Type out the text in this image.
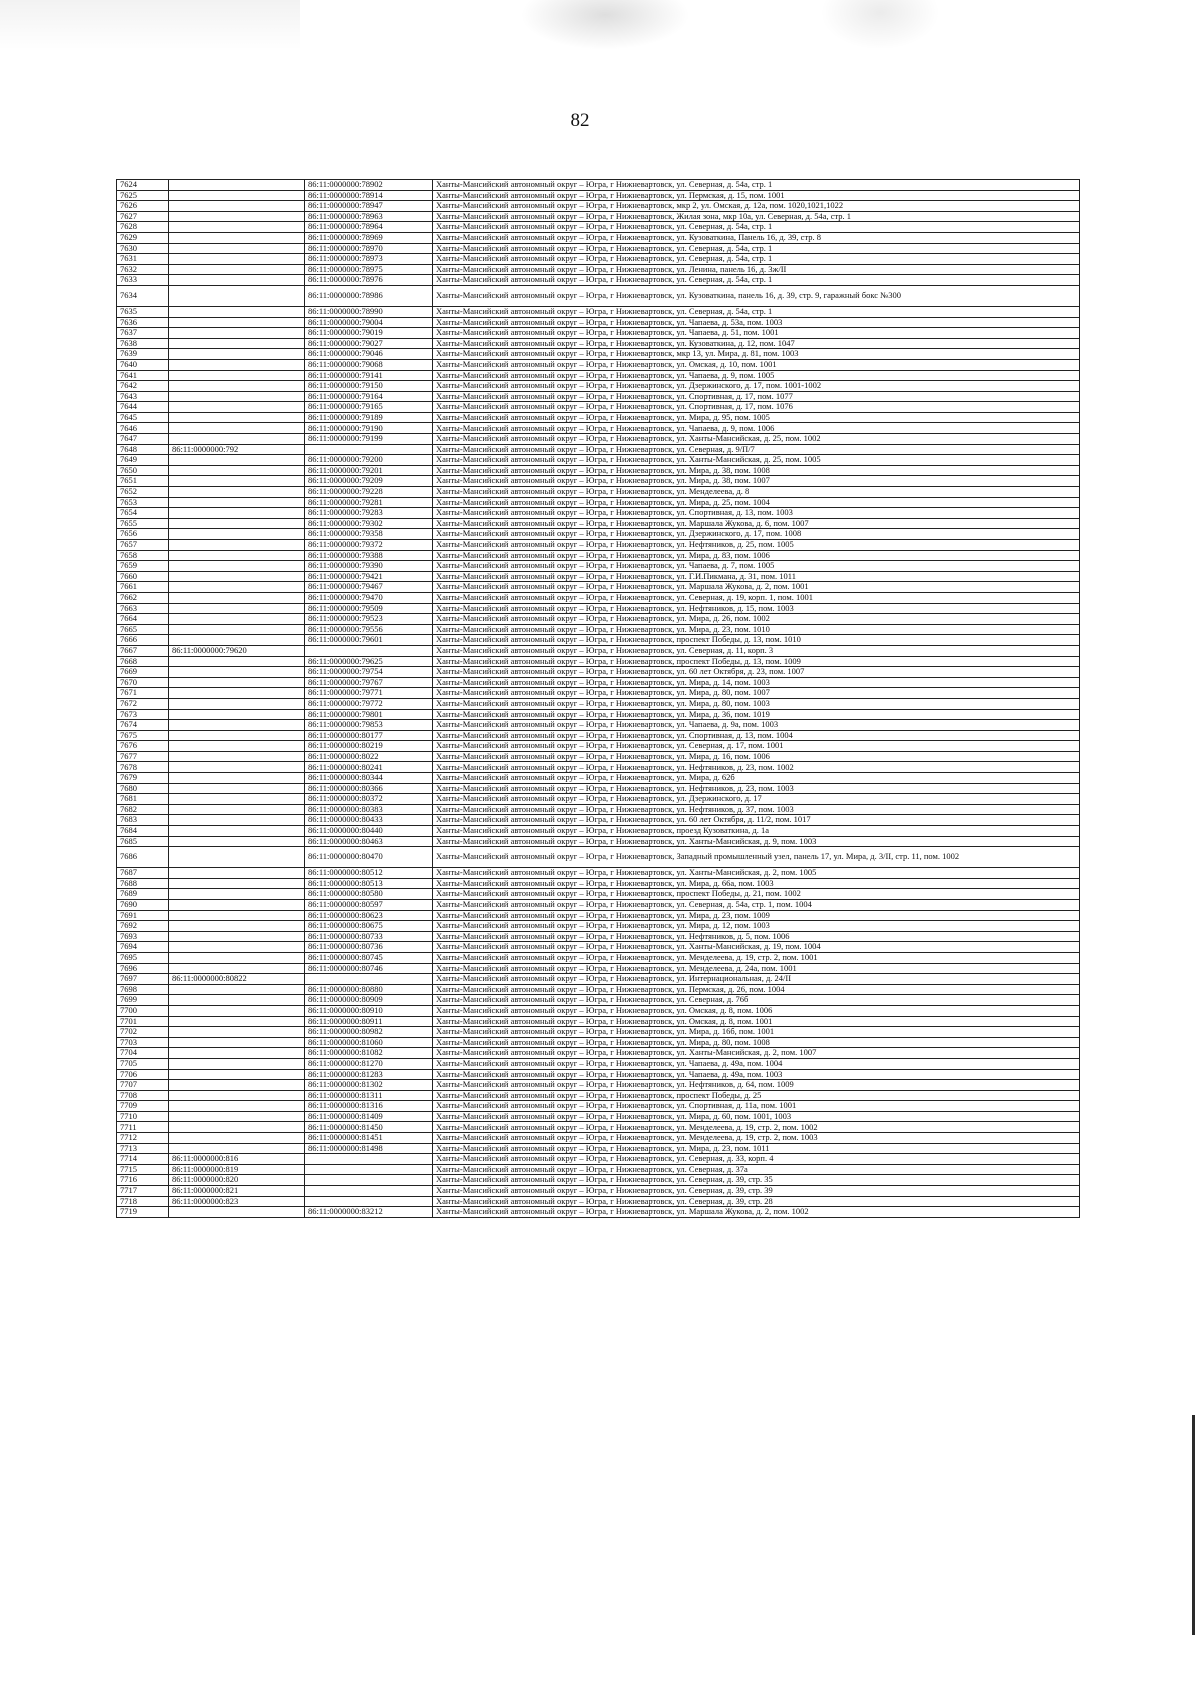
82
7624		86:11:0000000:78902	Ханты-Мансийский автономный округ – Югра, г Нижневартовск, ул. Северная, д. 54а, стр. 1
7625		86:11:0000000:78914	Ханты-Мансийский автономный округ – Югра, г Нижневартовск, ул. Пермская, д. 15, пом. 1001
7626		86:11:0000000:78947	Ханты-Мансийский автономный округ – Югра, г Нижневартовск, мкр 2, ул. Омская, д. 12а, пом. 1020,1021,1022
7627		86:11:0000000:78963	Ханты-Мансийский автономный округ – Югра, г Нижневартовск, Жилая зона, мкр 10а, ул. Северная, д. 54а, стр. 1
7628		86:11:0000000:78964	Ханты-Мансийский автономный округ – Югра, г Нижневартовск, ул. Северная, д. 54а, стр. 1
7629		86:11:0000000:78969	Ханты-Мансийский автономный округ – Югра, г Нижневартовск, ул. Кузоваткина, Панель 16, д. 39, стр. 8
7630		86:11:0000000:78970	Ханты-Мансийский автономный округ – Югра, г Нижневартовск, ул. Северная, д. 54а, стр. 1
7631		86:11:0000000:78973	Ханты-Мансийский автономный округ – Югра, г Нижневартовск, ул. Северная, д. 54а, стр. 1
7632		86:11:0000000:78975	Ханты-Мансийский автономный округ – Югра, г Нижневартовск, ул. Ленина, панель 16, д. 3ж/II
7633		86:11:0000000:78976	Ханты-Мансийский автономный округ – Югра, г Нижневартовск, ул. Северная, д. 54а, стр. 1
7634		86:11:0000000:78986	Ханты-Мансийский автономный округ – Югра, г Нижневартовск, ул. Кузоваткина, панель 16, д. 39, стр. 9, гаражный бокс №300
7635		86:11:0000000:78990	Ханты-Мансийский автономный округ – Югра, г Нижневартовск, ул. Северная, д. 54а, стр. 1
7636		86:11:0000000:79004	Ханты-Мансийский автономный округ – Югра, г Нижневартовск, ул. Чапаева, д. 53а, пом. 1003
7637		86:11:0000000:79019	Ханты-Мансийский автономный округ – Югра, г Нижневартовск, ул. Чапаева, д. 51, пом. 1001
7638		86:11:0000000:79027	Ханты-Мансийский автономный округ – Югра, г Нижневартовск, ул. Кузоваткина, д. 12, пом. 1047
7639		86:11:0000000:79046	Ханты-Мансийский автономный округ – Югра, г Нижневартовск, мкр 13, ул. Мира, д. 81, пом. 1003
7640		86:11:0000000:79068	Ханты-Мансийский автономный округ – Югра, г Нижневартовск, ул. Омская, д. 10, пом. 1001
7641		86:11:0000000:79141	Ханты-Мансийский автономный округ – Югра, г Нижневартовск, ул. Чапаева, д. 9, пом. 1005
7642		86:11:0000000:79150	Ханты-Мансийский автономный округ – Югра, г Нижневартовск, ул. Дзержинского, д. 17, пом. 1001-1002
7643		86:11:0000000:79164	Ханты-Мансийский автономный округ – Югра, г Нижневартовск, ул. Спортивная, д. 17, пом. 1077
7644		86:11:0000000:79165	Ханты-Мансийский автономный округ – Югра, г Нижневартовск, ул. Спортивная, д. 17, пом. 1076
7645		86:11:0000000:79189	Ханты-Мансийский автономный округ – Югра, г Нижневартовск, ул. Мира, д. 95, пом. 1005
7646		86:11:0000000:79190	Ханты-Мансийский автономный округ – Югра, г Нижневартовск, ул. Чапаева, д. 9, пом. 1006
7647		86:11:0000000:79199	Ханты-Мансийский автономный округ – Югра, г Нижневартовск, ул. Ханты-Мансийская, д. 25, пом. 1002
7648	86:11:0000000:792		Ханты-Мансийский автономный округ – Югра, г Нижневартовск, ул. Северная, д. 9/П/7
7649		86:11:0000000:79200	Ханты-Мансийский автономный округ – Югра, г Нижневартовск, ул. Ханты-Мансийская, д. 25, пом. 1005
7650		86:11:0000000:79201	Ханты-Мансийский автономный округ – Югра, г Нижневартовск, ул. Мира, д. 38, пом. 1008
7651		86:11:0000000:79209	Ханты-Мансийский автономный округ – Югра, г Нижневартовск, ул. Мира, д. 38, пом. 1007
7652		86:11:0000000:79228	Ханты-Мансийский автономный округ – Югра, г Нижневартовск, ул. Менделеева, д. 8
7653		86:11:0000000:79281	Ханты-Мансийский автономный округ – Югра, г Нижневартовск, ул. Мира, д. 25, пом. 1004
7654		86:11:0000000:79283	Ханты-Мансийский автономный округ – Югра, г Нижневартовск, ул. Спортивная, д. 13, пом. 1003
7655		86:11:0000000:79302	Ханты-Мансийский автономный округ – Югра, г Нижневартовск, ул. Маршала Жукова, д. 6, пом. 1007
7656		86:11:0000000:79358	Ханты-Мансийский автономный округ – Югра, г Нижневартовск, ул. Дзержинского, д. 17, пом. 1008
7657		86:11:0000000:79372	Ханты-Мансийский автономный округ – Югра, г Нижневартовск, ул. Нефтяников, д. 25, пом. 1005
7658		86:11:0000000:79388	Ханты-Мансийский автономный округ – Югра, г Нижневартовск, ул. Мира, д. 83, пом. 1006
7659		86:11:0000000:79390	Ханты-Мансийский автономный округ – Югра, г Нижневартовск, ул. Чапаева, д. 7, пом. 1005
7660		86:11:0000000:79421	Ханты-Мансийский автономный округ – Югра, г Нижневартовск, ул. Г.И.Пикмана, д. 31, пом. 1011
7661		86:11:0000000:79467	Ханты-Мансийский автономный округ – Югра, г Нижневартовск, ул. Маршала Жукова, д. 2, пом. 1001
7662		86:11:0000000:79470	Ханты-Мансийский автономный округ – Югра, г Нижневартовск, ул. Северная, д. 19, корп. 1, пом. 1001
7663		86:11:0000000:79509	Ханты-Мансийский автономный округ – Югра, г Нижневартовск, ул. Нефтяников, д. 15, пом. 1003
7664		86:11:0000000:79523	Ханты-Мансийский автономный округ – Югра, г Нижневартовск, ул. Мира, д. 26, пом. 1002
7665		86:11:0000000:79556	Ханты-Мансийский автономный округ – Югра, г Нижневартовск, ул. Мира, д. 23, пом. 1010
7666		86:11:0000000:79601	Ханты-Мансийский автономный округ – Югра, г Нижневартовск, проспект Победы, д. 13, пом. 1010
7667	86:11:0000000:79620		Ханты-Мансийский автономный округ – Югра, г Нижневартовск, ул. Северная, д. 11, корп. 3
7668		86:11:0000000:79625	Ханты-Мансийский автономный округ – Югра, г Нижневартовск, проспект Победы, д. 13, пом. 1009
7669		86:11:0000000:79754	Ханты-Мансийский автономный округ – Югра, г Нижневартовск, ул. 60 лет Октября, д. 23, пом. 1007
7670		86:11:0000000:79767	Ханты-Мансийский автономный округ – Югра, г Нижневартовск, ул. Мира, д. 14, пом. 1003
7671		86:11:0000000:79771	Ханты-Мансийский автономный округ – Югра, г Нижневартовск, ул. Мира, д. 80, пом. 1007
7672		86:11:0000000:79772	Ханты-Мансийский автономный округ – Югра, г Нижневартовск, ул. Мира, д. 80, пом. 1003
7673		86:11:0000000:79801	Ханты-Мансийский автономный округ – Югра, г Нижневартовск, ул. Мира, д. 36, пом. 1019
7674		86:11:0000000:79853	Ханты-Мансийский автономный округ – Югра, г Нижневартовск, ул. Чапаева, д. 9а, пом. 1003
7675		86:11:0000000:80177	Ханты-Мансийский автономный округ – Югра, г Нижневартовск, ул. Спортивная, д. 13, пом. 1004
7676		86:11:0000000:80219	Ханты-Мансийский автономный округ – Югра, г Нижневартовск, ул. Северная, д. 17, пом. 1001
7677		86:11:0000000:8022	Ханты-Мансийский автономный округ – Югра, г Нижневартовск, ул. Мира, д. 16, пом. 1006
7678		86:11:0000000:80241	Ханты-Мансийский автономный округ – Югра, г Нижневартовск, ул. Нефтяников, д. 23, пом. 1002
7679		86:11:0000000:80344	Ханты-Мансийский автономный округ – Югра, г Нижневартовск, ул. Мира, д. 62б
7680		86:11:0000000:80366	Ханты-Мансийский автономный округ – Югра, г Нижневартовск, ул. Нефтяников, д. 23, пом. 1003
7681		86:11:0000000:80372	Ханты-Мансийский автономный округ – Югра, г Нижневартовск, ул. Дзержинского, д. 17
7682		86:11:0000000:80383	Ханты-Мансийский автономный округ – Югра, г Нижневартовск, ул. Нефтяников, д. 37, пом. 1003
7683		86:11:0000000:80433	Ханты-Мансийский автономный округ – Югра, г Нижневартовск, ул. 60 лет Октября, д. 11/2, пом. 1017
7684		86:11:0000000:80440	Ханты-Мансийский автономный округ – Югра, г Нижневартовск, проезд Кузоваткина, д. 1а
7685		86:11:0000000:80463	Ханты-Мансийский автономный округ – Югра, г Нижневартовск, ул. Ханты-Мансийская, д. 9, пом. 1003
7686		86:11:0000000:80470	Ханты-Мансийский автономный округ – Югра, г Нижневартовск, Западный промышленный узел, панель 17, ул. Мира, д. 3/II, стр. 11, пом. 1002
7687		86:11:0000000:80512	Ханты-Мансийский автономный округ – Югра, г Нижневартовск, ул. Ханты-Мансийская, д. 2, пом. 1005
7688		86:11:0000000:80513	Ханты-Мансийский автономный округ – Югра, г Нижневартовск, ул. Мира, д. 66а, пом. 1003
7689		86:11:0000000:80580	Ханты-Мансийский автономный округ – Югра, г Нижневартовск, проспект Победы, д. 21, пом. 1002
7690		86:11:0000000:80597	Ханты-Мансийский автономный округ – Югра, г Нижневартовск, ул. Северная, д. 54а, стр. 1, пом. 1004
7691		86:11:0000000:80623	Ханты-Мансийский автономный округ – Югра, г Нижневартовск, ул. Мира, д. 23, пом. 1009
7692		86:11:0000000:80675	Ханты-Мансийский автономный округ – Югра, г Нижневартовск, ул. Мира, д. 12, пом. 1003
7693		86:11:0000000:80733	Ханты-Мансийский автономный округ – Югра, г Нижневартовск, ул. Нефтяников, д. 5, пом. 1006
7694		86:11:0000000:80736	Ханты-Мансийский автономный округ – Югра, г Нижневартовск, ул. Ханты-Мансийская, д. 19, пом. 1004
7695		86:11:0000000:80745	Ханты-Мансийский автономный округ – Югра, г Нижневартовск, ул. Менделеева, д. 19, стр. 2, пом. 1001
7696		86:11:0000000:80746	Ханты-Мансийский автономный округ – Югра, г Нижневартовск, ул. Менделеева, д. 24а, пом. 1001
7697	86:11:0000000:80822		Ханты-Мансийский автономный округ – Югра, г Нижневартовск, ул. Интернациональная, д. 24/II
7698		86:11:0000000:80880	Ханты-Мансийский автономный округ – Югра, г Нижневартовск, ул. Пермская, д. 26, пом. 1004
7699		86:11:0000000:80909	Ханты-Мансийский автономный округ – Югра, г Нижневартовск, ул. Северная, д. 76б
7700		86:11:0000000:80910	Ханты-Мансийский автономный округ – Югра, г Нижневартовск, ул. Омская, д. 8, пом. 1006
7701		86:11:0000000:80911	Ханты-Мансийский автономный округ – Югра, г Нижневартовск, ул. Омская, д. 8, пом. 1001
7702		86:11:0000000:80982	Ханты-Мансийский автономный округ – Югра, г Нижневартовск, ул. Мира, д. 16б, пом. 1001
7703		86:11:0000000:81060	Ханты-Мансийский автономный округ – Югра, г Нижневартовск, ул. Мира, д. 80, пом. 1008
7704		86:11:0000000:81082	Ханты-Мансийский автономный округ – Югра, г Нижневартовск, ул. Ханты-Мансийская, д. 2, пом. 1007
7705		86:11:0000000:81270	Ханты-Мансийский автономный округ – Югра, г Нижневартовск, ул. Чапаева, д. 49а, пом. 1004
7706		86:11:0000000:81283	Ханты-Мансийский автономный округ – Югра, г Нижневартовск, ул. Чапаева, д. 49а, пом. 1003
7707		86:11:0000000:81302	Ханты-Мансийский автономный округ – Югра, г Нижневартовск, ул. Нефтяников, д. 64, пом. 1009
7708		86:11:0000000:81311	Ханты-Мансийский автономный округ – Югра, г Нижневартовск, проспект Победы, д. 25
7709		86:11:0000000:81316	Ханты-Мансийский автономный округ – Югра, г Нижневартовск, ул. Спортивная, д. 11а, пом. 1001
7710		86:11:0000000:81409	Ханты-Мансийский автономный округ – Югра, г Нижневартовск, ул. Мира, д. 60, пом. 1001, 1003
7711		86:11:0000000:81450	Ханты-Мансийский автономный округ – Югра, г Нижневартовск, ул. Менделеева, д. 19, стр. 2, пом. 1002
7712		86:11:0000000:81451	Ханты-Мансийский автономный округ – Югра, г Нижневартовск, ул. Менделеева, д. 19, стр. 2, пом. 1003
7713		86:11:0000000:81498	Ханты-Мансийский автономный округ – Югра, г Нижневартовск, ул. Мира, д. 23, пом. 1011
7714	86:11:0000000:816		Ханты-Мансийский автономный округ – Югра, г Нижневартовск, ул. Северная, д. 33, корп. 4
7715	86:11:0000000:819		Ханты-Мансийский автономный округ – Югра, г Нижневартовск, ул. Северная, д. 37а
7716	86:11:0000000:820		Ханты-Мансийский автономный округ – Югра, г Нижневартовск, ул. Северная, д. 39, стр. 35
7717	86:11:0000000:821		Ханты-Мансийский автономный округ – Югра, г Нижневартовск, ул. Северная, д. 39, стр. 39
7718	86:11:0000000:823		Ханты-Мансийский автономный округ – Югра, г Нижневартовск, ул. Северная, д. 39, стр. 28
7719		86:11:0000000:83212	Ханты-Мансийский автономный округ – Югра, г Нижневартовск, ул. Маршала Жукова, д. 2, пом. 1002
